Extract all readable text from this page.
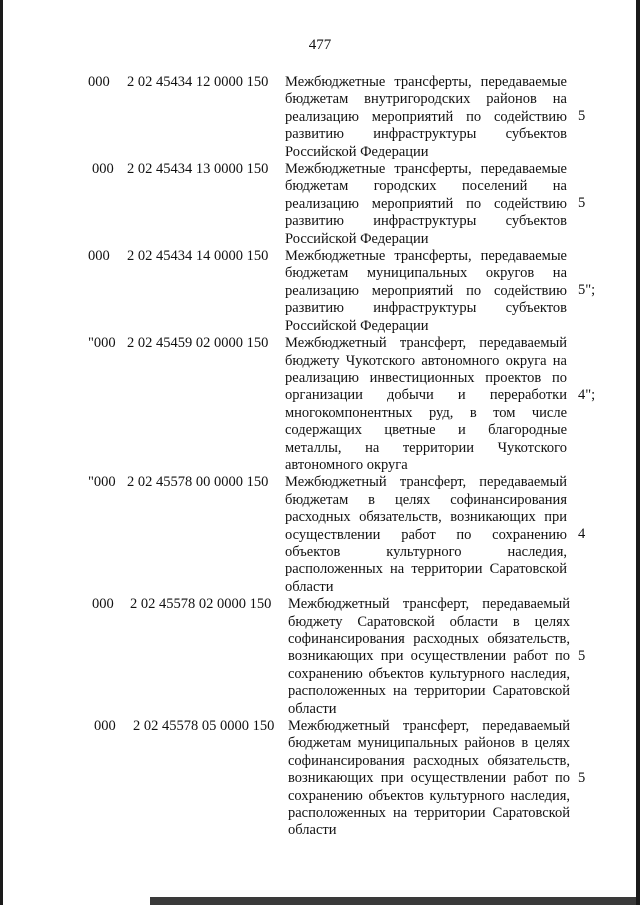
477
000 2 02 45434 12 0000 150 Межбюджетные трансферты, передаваемые бюджетам внутригородских районов на реализацию мероприятий по содействию развитию инфраструктуры субъектов Российской Федерации
5
000 2 02 45434 13 0000 150 Межбюджетные трансферты, передаваемые бюджетам городских поселений на реализацию мероприятий по содействию развитию инфраструктуры субъектов Российской Федерации
5
000 2 02 45434 14 0000 150 Межбюджетные трансферты, передаваемые бюджетам муниципальных округов на реализацию мероприятий по содействию развитию инфраструктуры субъектов Российской Федерации
5";
"000 2 02 45459 02 0000 150 Межбюджетный трансферт, передаваемый бюджету Чукотского автономного округа на реализацию инвестиционных проектов по организации добычи и переработки многокомпонентных руд, в том числе содержащих цветные и благородные металлы, на территории Чукотского автономного округа
4";
"000 2 02 45578 00 0000 150 Межбюджетный трансферт, передаваемый бюджетам в целях софинансирования расходных обязательств, возникающих при осуществлении работ по сохранению объектов культурного наследия, расположенных на территории Саратовской области
4
000 2 02 45578 02 0000 150 Межбюджетный трансферт, передаваемый бюджету Саратовской области в целях софинансирования расходных обязательств, возникающих при осуществлении работ по сохранению объектов культурного наследия, расположенных на территории Саратовской области
5
000 2 02 45578 05 0000 150 Межбюджетный трансферт, передаваемый бюджетам муниципальных районов в целях софинансирования расходных обязательств, возникающих при осуществлении работ по сохранению объектов культурного наследия, расположенных на территории Саратовской области
5
